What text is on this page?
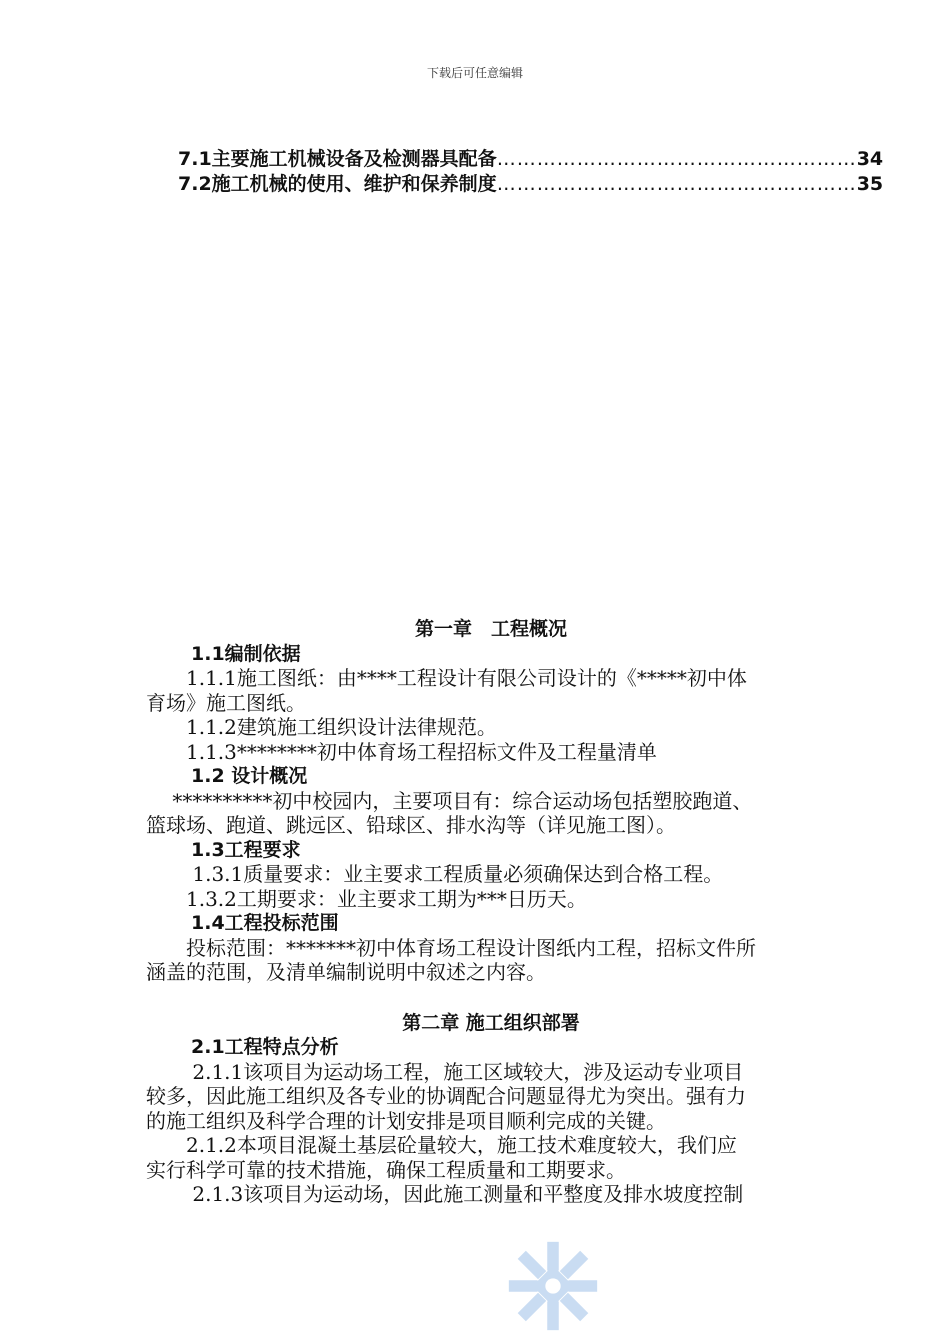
下载后可任意编辑
7.1 主要施工机械设备及检测器具配备 ……………………………………………… 34
7.2 施工机械的使用、维护和保养制度 ……………………………………………… 35
第一章　工程概况
1.1编制依据
　　1.1.1施工图纸：由****工程设计有限公司设计的《*****初中体
育场》施工图纸。
　　1.1.2建筑施工组织设计法律规范。
　　1.1.3********初中体育场工程招标文件及工程量清单
1.2 设计概况
　 **********初中校园内，主要项目有：综合运动场包括塑胶跑道、
篮球场、跑道、跳远区、铅球区、排水沟等（详见施工图）。
1.3工程要求
　　 1.3.1质量要求：业主要求工程质量必须确保达到合格工程。
　　1.3.2工期要求：业主要求工期为***日历天。
1.4工程投标范围
　　投标范围：*******初中体育场工程设计图纸内工程，招标文件所
涵盖的范围，及清单编制说明中叙述之内容。
第二章 施工组织部署
2.1工程特点分析
　　 2.1.1该项目为运动场工程，施工区域较大，涉及运动专业项目
较多，因此施工组织及各专业的协调配合问题显得尤为突出。强有力
的施工组织及科学合理的计划安排是项目顺利完成的关键。
　　2.1.2本项目混凝土基层砼量较大，施工技术难度较大，我们应
实行科学可靠的技术措施，确保工程质量和工期要求。
　　 2.1.3该项目为运动场，因此施工测量和平整度及排水坡度控制
